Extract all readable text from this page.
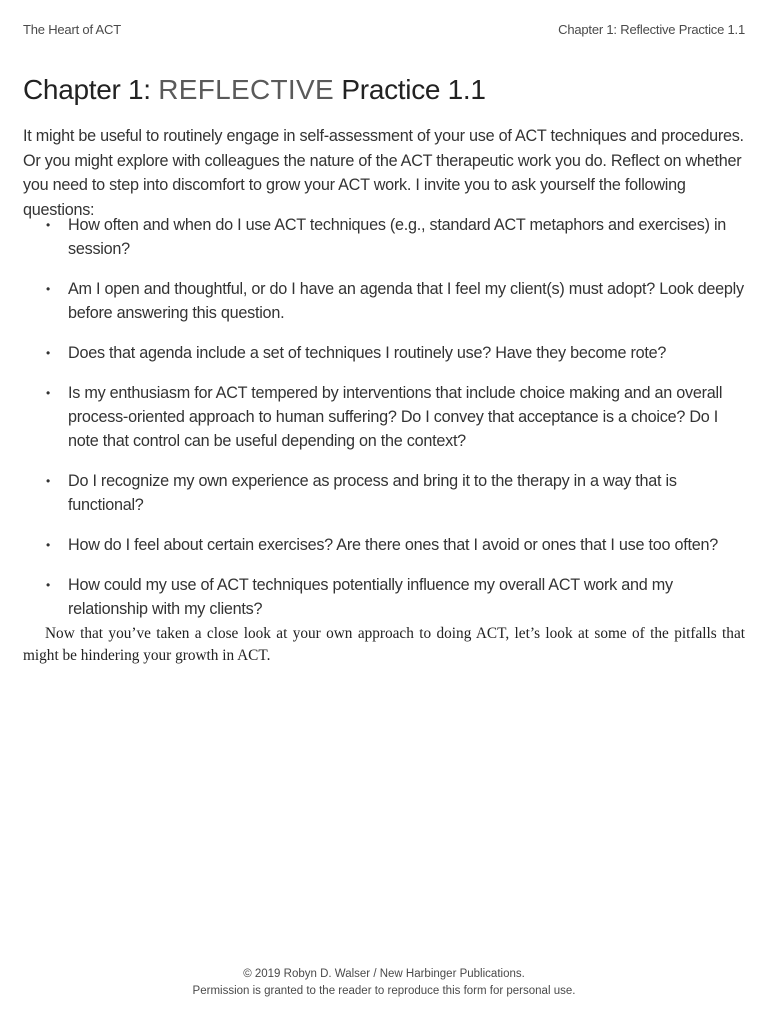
The Heart of ACT	Chapter 1: Reflective Practice 1.1
Chapter 1: REFLECTIVE Practice 1.1

It might be useful to routinely engage in self-assessment of your use of ACT techniques and procedures. Or you might explore with colleagues the nature of the ACT therapeutic work you do. Reflect on whether you need to step into discomfort to grow your ACT work. I invite you to ask yourself the following questions:

• How often and when do I use ACT techniques (e.g., standard ACT metaphors and exercises) in session?
• Am I open and thoughtful, or do I have an agenda that I feel my client(s) must adopt? Look deeply before answering this question.
• Does that agenda include a set of techniques I routinely use? Have they become rote?
• Is my enthusiasm for ACT tempered by interventions that include choice making and an overall process-oriented approach to human suffering? Do I convey that acceptance is a choice? Do I note that control can be useful depending on the context?
• Do I recognize my own experience as process and bring it to the therapy in a way that is functional?
• How do I feel about certain exercises? Are there ones that I avoid or ones that I use too often?
• How could my use of ACT techniques potentially influence my overall ACT work and my relationship with my clients?

Now that you’ve taken a close look at your own approach to doing ACT, let’s look at some of the pitfalls that might be hindering your growth in ACT.

© 2019 Robyn D. Walser / New Harbinger Publications.
Permission is granted to the reader to reproduce this form for personal use.
